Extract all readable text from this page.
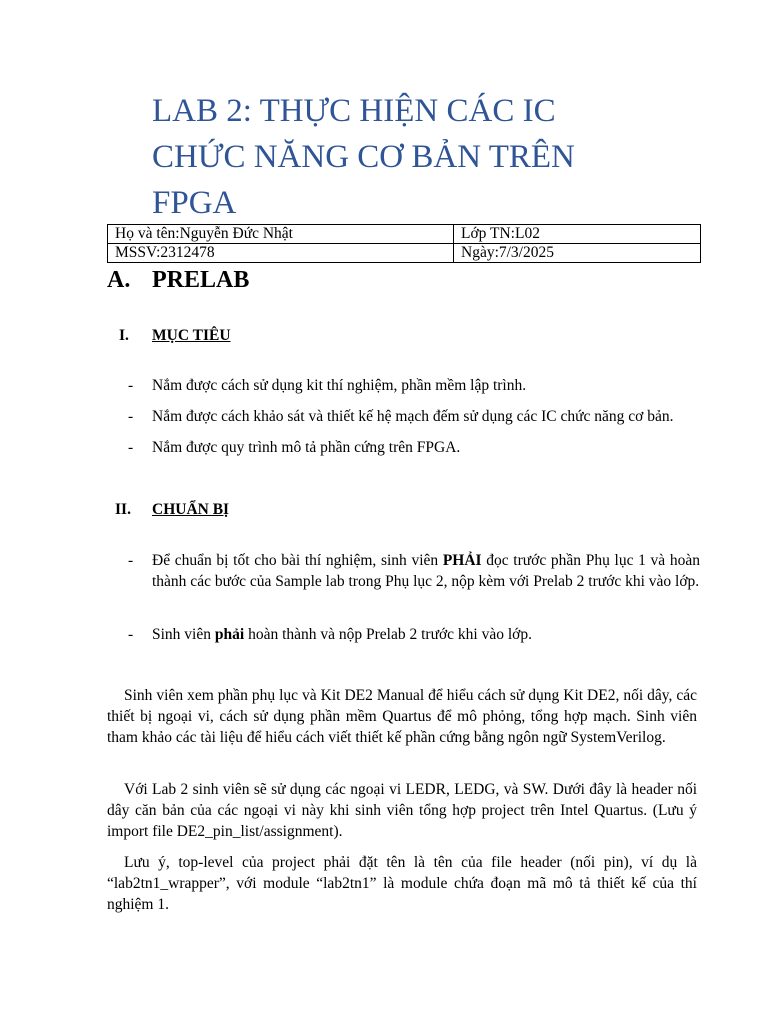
LAB 2: THỰC HIỆN CÁC IC
CHỨC NĂNG CƠ BẢN TRÊN
FPGA
Họ và tên:Nguyễn Đức Nhật	Lớp TN:L02
MSSV:2312478	Ngày:7/3/2025
A. PRELAB
I. MỤC TIÊU
- Nắm được cách sử dụng kit thí nghiệm, phần mềm lập trình.
- Nắm được cách khảo sát và thiết kế hệ mạch đếm sử dụng các IC chức năng cơ bản.
- Nắm được quy trình mô tả phần cứng trên FPGA.
II. CHUẨN BỊ
- Để chuẩn bị tốt cho bài thí nghiệm, sinh viên PHẢI đọc trước phần Phụ lục 1 và hoàn thành các bước của Sample lab trong Phụ lục 2, nộp kèm với Prelab 2 trước khi vào lớp.
- Sinh viên phải hoàn thành và nộp Prelab 2 trước khi vào lớp.

Sinh viên xem phần phụ lục và Kit DE2 Manual để hiểu cách sử dụng Kit DE2, nối dây, các thiết bị ngoại vi, cách sử dụng phần mềm Quartus để mô phỏng, tổng hợp mạch. Sinh viên tham khảo các tài liệu để hiểu cách viết thiết kế phần cứng bằng ngôn ngữ SystemVerilog.

Với Lab 2 sinh viên sẽ sử dụng các ngoại vi LEDR, LEDG, và SW. Dưới đây là header nối dây căn bản của các ngoại vi này khi sinh viên tổng hợp project trên Intel Quartus. (Lưu ý import file DE2_pin_list/assignment).

Lưu ý, top-level của project phải đặt tên là tên của file header (nối pin), ví dụ là “lab2tn1_wrapper”, với module “lab2tn1” là module chứa đoạn mã mô tả thiết kế của thí nghiệm 1.
